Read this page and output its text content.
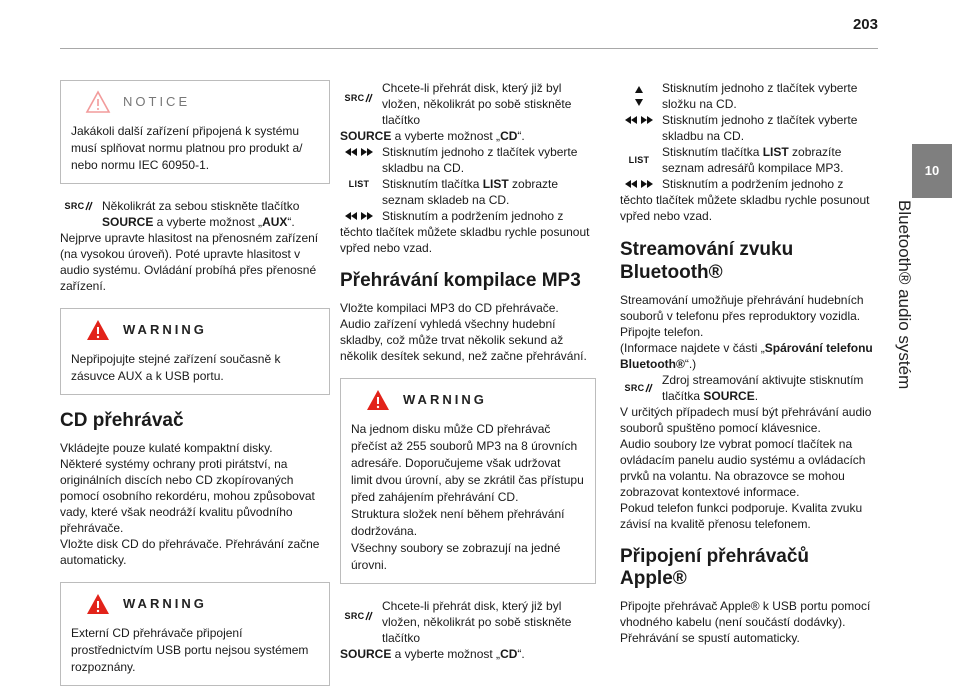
203
10
Bluetooth® audio systém
NOTICE

Jakákoli další zařízení připojená k systému musí splňovat normu platnou pro produkt a/ nebo normu IEC 60950-1.

SRC Několikrát za sebou stiskněte tlačítko
SOURCE a vyberte možnost „AUX“.

Nejprve upravte hlasitost na přenosném zařízení (na vysokou úroveň). Poté upravte hlasitost v audio systému. Ovládání probíhá přes přenosné zařízení.

WARNING

Nepřipojujte stejné zařízení současně k zásuvce AUX a k USB portu.

CD přehrávač

Vkládejte pouze kulaté kompaktní disky.
Některé systémy ochrany proti pirátství, na originálních discích nebo CD zkopírovaných pomocí osobního rekordéru, mohou způsobovat vady, které však neodráží kvalitu původního přehrávače.
Vložte disk CD do přehrávače. Přehrávání začne automaticky.

WARNING

Externí CD přehrávače připojení prostřednictvím USB portu nejsou systémem rozpoznány.

SRC
Chcete-li přehrát disk, který již byl vložen, několikrát po sobě stiskněte tlačítko
SOURCE a vyberte možnost „CD“.
Stisknutím jednoho z tlačítek vyberte skladbu na CD.
LIST Stisknutím tlačítka LIST zobrazte seznam skladeb na CD.
Stisknutím a podržením jednoho z těchto tlačítek můžete skladbu rychle posunout vpřed nebo vzad.
Přehrávání kompilace MP3

Vložte kompilaci MP3 do CD přehrávače.
Audio zařízení vyhledá všechny hudební skladby, což může trvat několik sekund až několik desítek sekund, než začne přehrávání.

WARNING

Na jednom disku může CD přehrávač přečíst až 255 souborů MP3 na 8 úrovních adresáře. Doporučujeme však udržovat limit dvou úrovní, aby se zkrátil čas přístupu před zahájením přehrávání CD.
Struktura složek není během přehrávání dodržována.
Všechny soubory se zobrazují na jedné úrovni.

SRC
Chcete-li přehrát disk, který již byl vložen, několikrát po sobě stiskněte tlačítko
SOURCE a vyberte možnost „CD“.
Stisknutím jednoho z tlačítek vyberte složku na CD.
Stisknutím jednoho z tlačítek vyberte skladbu na CD.
LIST
Stisknutím tlačítka LIST zobrazíte seznam adresářů kompilace MP3.
Stisknutím a podržením jednoho z těchto tlačítek můžete skladbu rychle posunout vpřed nebo vzad.
Streamování zvuku Bluetooth®
Streamování umožňuje přehrávání hudebních souborů v telefonu přes reproduktory vozidla.
Připojte telefon.
(Informace najdete v části „Spárování telefonu Bluetooth®“.)
SRC
Zdroj streamování aktivujte stisknutím tlačítka SOURCE.

V určitých případech musí být přehrávání audio souborů spuštěno pomocí klávesnice.
Audio soubory lze vybrat pomocí tlačítek na ovládacím panelu audio systému a ovládacích prvků na volantu. Na obrazovce se mohou zobrazovat kontextové informace.
Pokud telefon funkci podporuje. Kvalita zvuku závisí na kvalitě přenosu telefonem.

Připojení přehrávačů Apple®

Připojte přehrávač Apple® k USB portu pomocí vhodného kabelu (není součástí dodávky).
Přehrávání se spustí automaticky.
